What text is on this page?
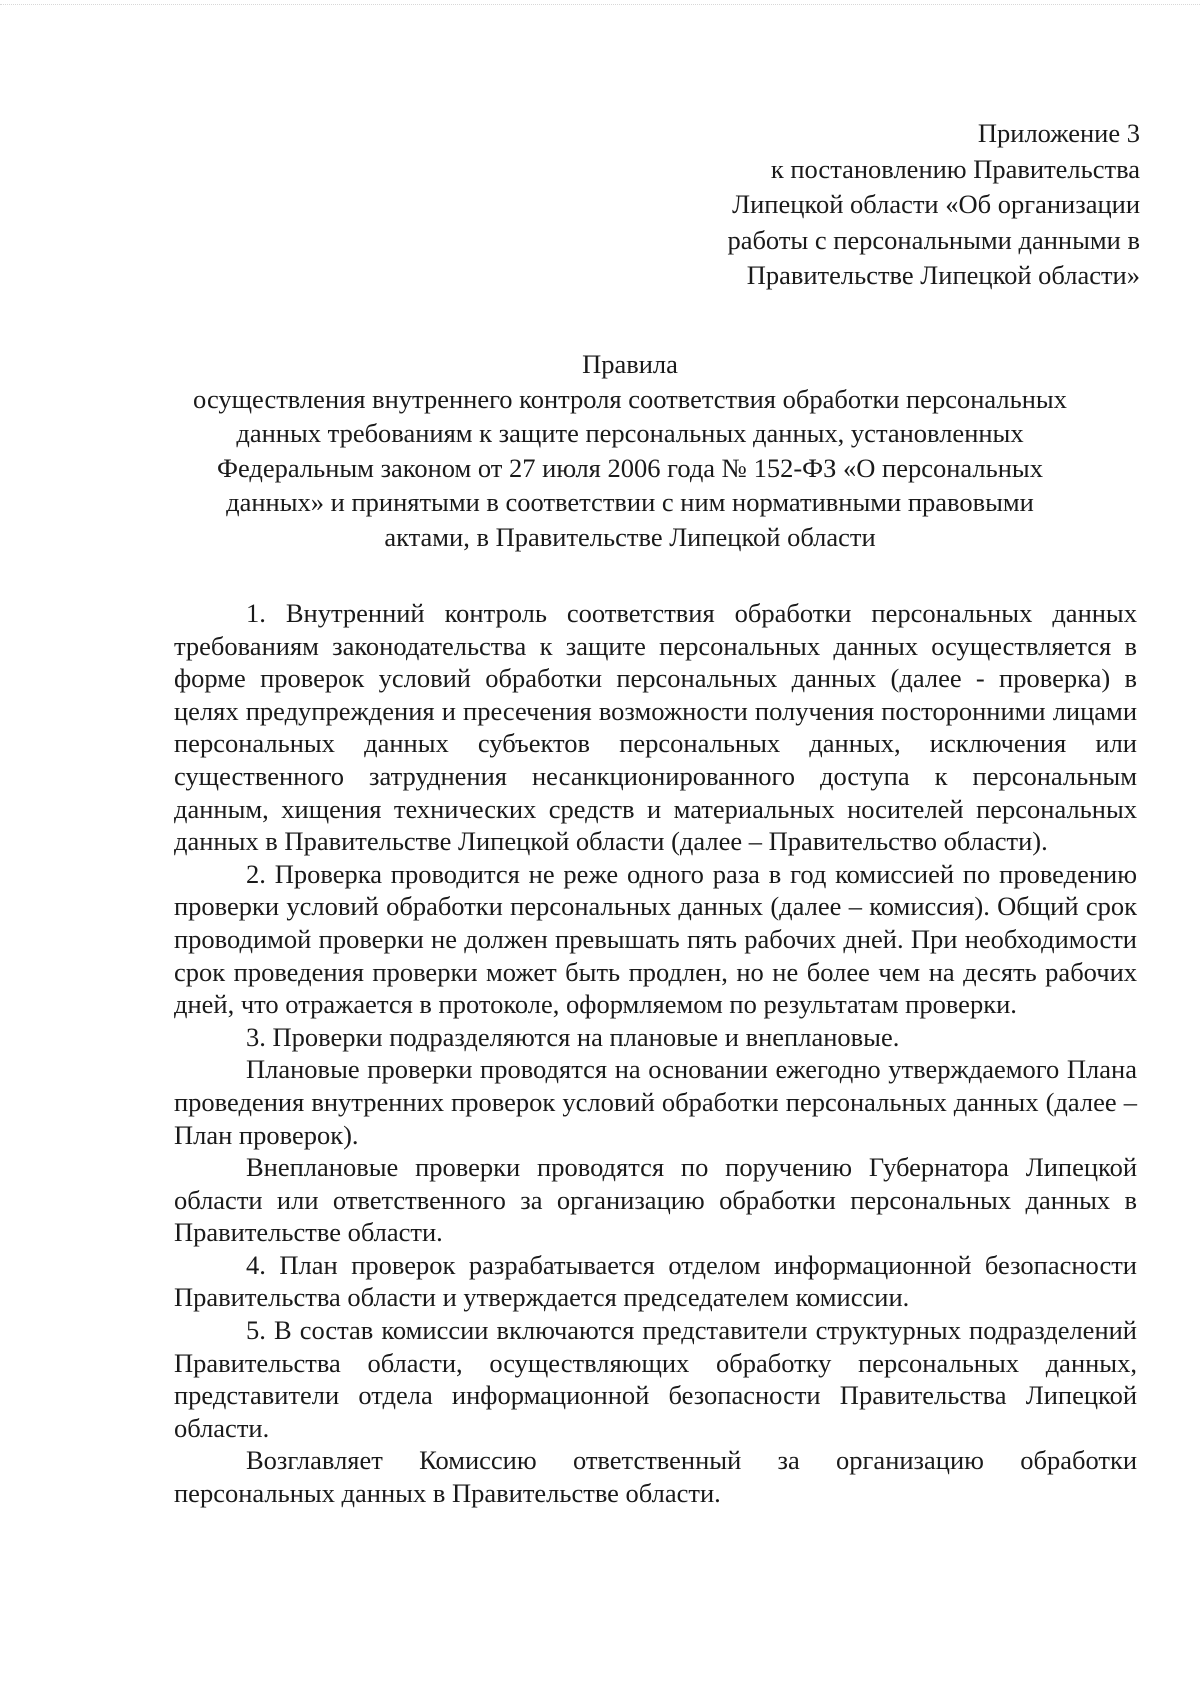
Приложение 3
к постановлению Правительства
Липецкой области «Об организации
работы с персональными данными в
Правительстве Липецкой области»
Правила
осуществления внутреннего контроля соответствия обработки персональных
данных требованиям к защите персональных данных, установленных
Федеральным законом от 27 июля 2006 года № 152-ФЗ «О персональных
данных» и принятыми в соответствии с ним нормативными правовыми
актами, в Правительстве Липецкой области

1. Внутренний контроль соответствия обработки персональных данных требованиям законодательства к защите персональных данных осуществляется в форме проверок условий обработки персональных данных (далее - проверка) в целях предупреждения и пресечения возможности получения посторонними лицами персональных данных субъектов персональных данных, исключения или существенного затруднения несанкционированного доступа к персональным данным, хищения технических средств и материальных носителей персональных данных в Правительстве Липецкой области (далее – Правительство области).

2. Проверка проводится не реже одного раза в год комиссией по проведению проверки условий обработки персональных данных (далее – комиссия). Общий срок проводимой проверки не должен превышать пять рабочих дней. При необходимости срок проведения проверки может быть продлен, но не более чем на десять рабочих дней, что отражается в протоколе, оформляемом по результатам проверки.

3. Проверки подразделяются на плановые и внеплановые.

Плановые проверки проводятся на основании ежегодно утверждаемого Плана проведения внутренних проверок условий обработки персональных данных (далее – План проверок).

Внеплановые проверки проводятся по поручению Губернатора Липецкой области или ответственного за организацию обработки персональных данных в Правительстве области.

4. План проверок разрабатывается отделом информационной безопасности Правительства области и утверждается председателем комиссии.

5. В состав комиссии включаются представители структурных подразделений Правительства области, осуществляющих обработку персональных данных, представители отдела информационной безопасности Правительства Липецкой области.

Возглавляет Комиссию ответственный за организацию обработки персональных данных в Правительстве области.
